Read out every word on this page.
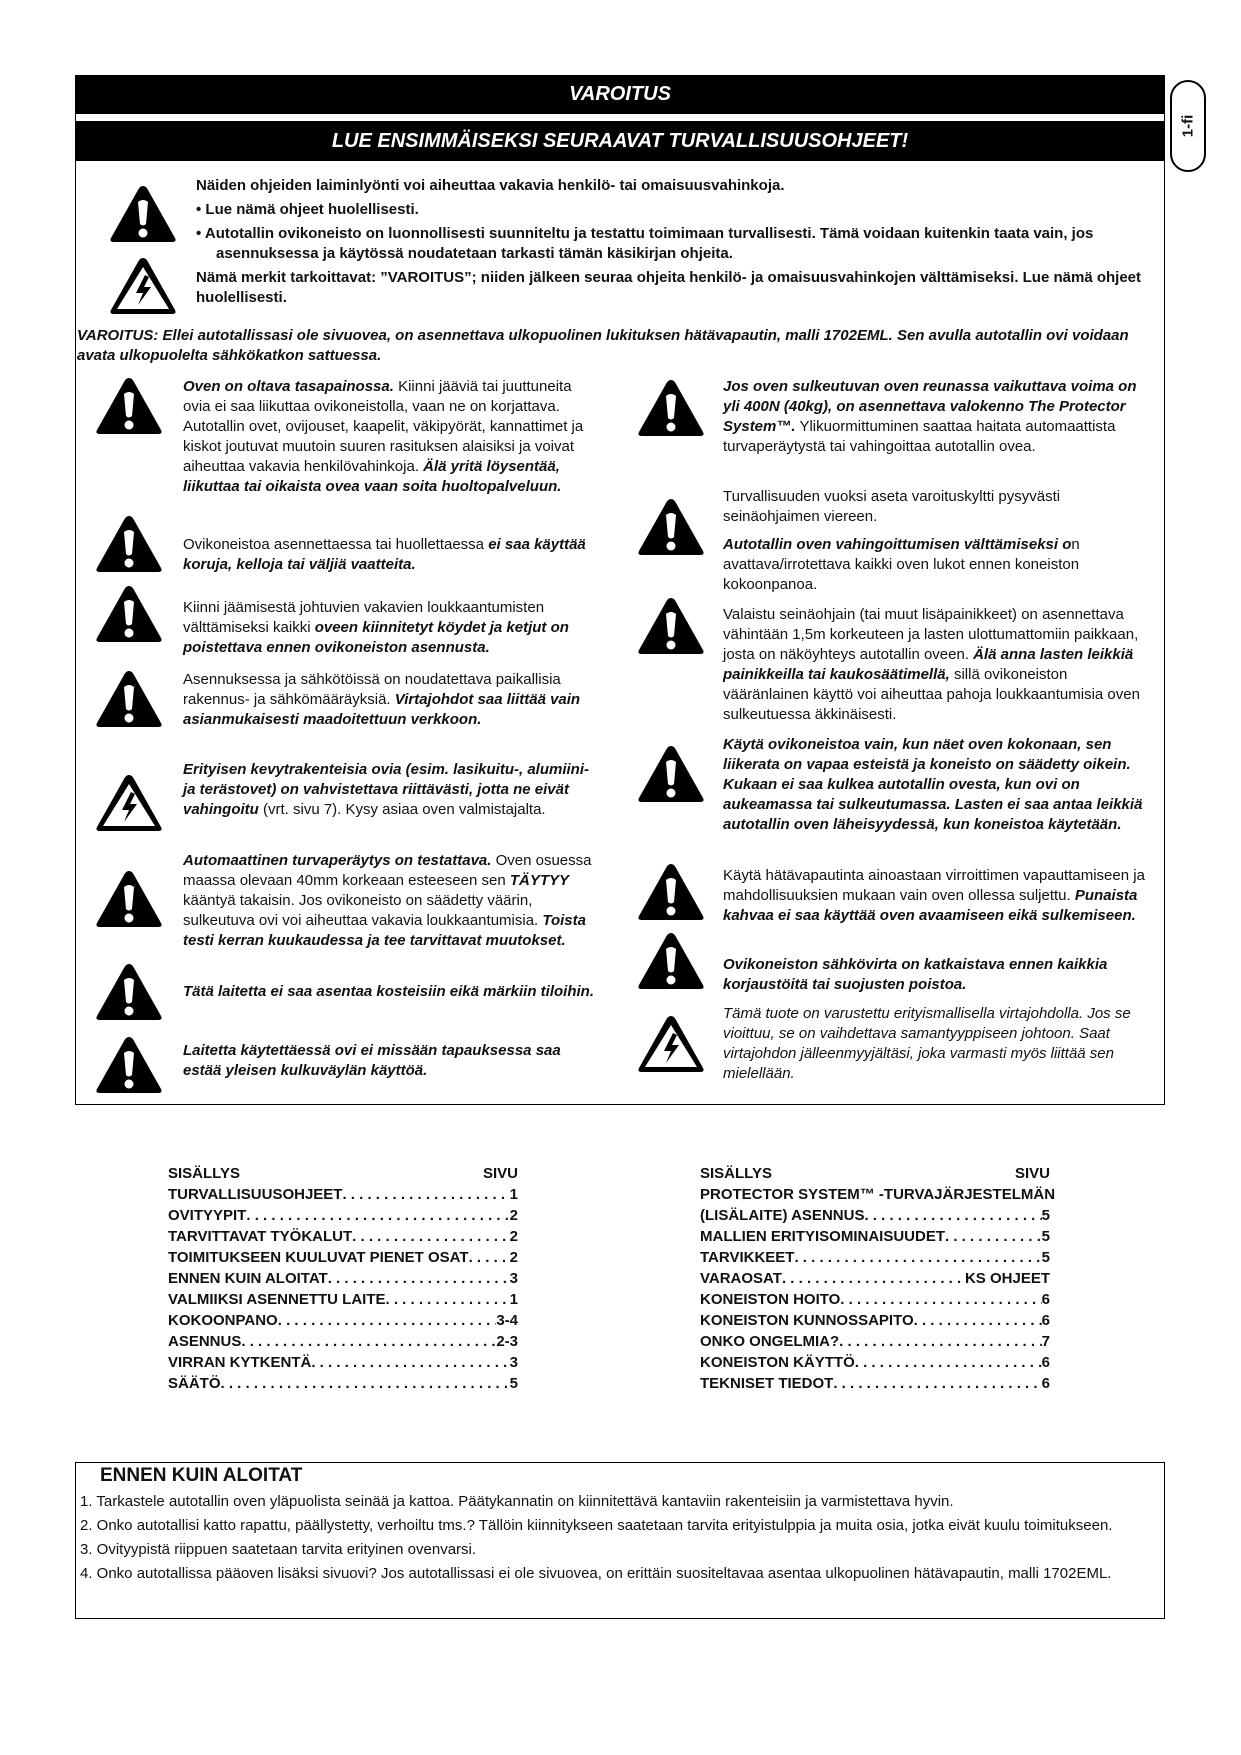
VAROITUS
LUE ENSIMMÄISEKSI SEURAAVAT TURVALLISUUSOHJEET!
1-fi

Näiden ohjeiden laiminlyönti voi aiheuttaa vakavia henkilö- tai omaisuusvahinkoja.

• Lue nämä ohjeet huolellisesti.

• Autotallin ovikoneisto on luonnollisesti suunniteltu ja testattu toimimaan turvallisesti. Tämä voidaan kuitenkin taata vain, jos asennuksessa ja käytössä noudatetaan tarkasti tämän käsikirjan ohjeita.

Nämä merkit tarkoittavat: ”VAROITUS”; niiden jälkeen seuraa ohjeita henkilö- ja omaisuusvahinkojen välttämiseksi. Lue nämä ohjeet huolellisesti.

VAROITUS: Ellei autotallissasi ole sivuovea, on asennettava ulkopuolinen lukituksen hätävapautin, malli 1702EML. Sen avulla autotallin ovi voidaan avata ulkopuolelta sähkökatkon sattuessa.

Oven on oltava tasapainossa. Kiinni jääviä tai juuttuneita ovia ei saa liikuttaa ovikoneistolla, vaan ne on korjattava. Autotallin ovet, ovijouset, kaapelit, väkipyörät, kannattimet ja kiskot joutuvat muutoin suuren rasituksen alaisiksi ja voivat aiheuttaa vakavia henkilövahinkoja. Älä yritä löysentää, liikuttaa tai oikaista ovea vaan soita huoltopalveluun.

Ovikoneistoa asennettaessa tai huollettaessa ei saa käyttää koruja, kelloja tai väljiä vaatteita.

Kiinni jäämisestä johtuvien vakavien loukkaantumisten välttämiseksi kaikki oveen kiinnitetyt köydet ja ketjut on poistettava ennen ovikoneiston asennusta.

Asennuksessa ja sähkötöissä on noudatettava paikallisia rakennus- ja sähkömääräyksiä. Virtajohdot saa liittää vain asianmukaisesti maadoitettuun verkkoon.

Erityisen kevytrakenteisia ovia (esim. lasikuitu-, alumiini- ja terästovet) on vahvistettava riittävästi, jotta ne eivät vahingoitu (vrt. sivu 7). Kysy asiaa oven valmistajalta.

Automaattinen turvaperäytys on testattava. Oven osuessa maassa olevaan 40mm korkeaan esteeseen sen TÄYTYY kääntyä takaisin. Jos ovikoneisto on säädetty väärin, sulkeutuva ovi voi aiheuttaa vakavia loukkaantumisia. Toista testi kerran kuukaudessa ja tee tarvittavat muutokset.

Tätä laitetta ei saa asentaa kosteisiin eikä märkiin tiloihin.

Laitetta käytettäessä ovi ei missään tapauksessa saa estää yleisen kulkuväylän käyttöä.

Jos oven sulkeutuvan oven reunassa vaikuttava voima on yli 400N (40kg), on asennettava valokenno The Protector System™. Ylikuormittuminen saattaa haitata automaattista turvaperäytystä tai vahingoittaa autotallin ovea.

Turvallisuuden vuoksi aseta varoituskyltti pysyvästi seinäohjaimen viereen.

Autotallin oven vahingoittumisen välttämiseksi on avattava/irrotettava kaikki oven lukot ennen koneiston kokoonpanoa.

Valaistu seinäohjain (tai muut lisäpainikkeet) on asennettava vähintään 1,5m korkeuteen ja lasten ulottumattomiin paikkaan, josta on näköyhteys autotallin oveen. Älä anna lasten leikkiä painikkeilla tai kaukosäätimellä, sillä ovikoneiston vääränlainen käyttö voi aiheuttaa pahoja loukkaantumisia oven sulkeutuessa äkkinäisesti.

Käytä ovikoneistoa vain, kun näet oven kokonaan, sen liikerata on vapaa esteistä ja koneisto on säädetty oikein. Kukaan ei saa kulkea autotallin ovesta, kun ovi on aukeamassa tai sulkeutumassa. Lasten ei saa antaa leikkiä autotallin oven läheisyydessä, kun koneistoa käytetään.

Käytä hätävapautinta ainoastaan virroittimen vapauttamiseen ja mahdollisuuksien mukaan vain oven ollessa suljettu. Punaista kahvaa ei saa käyttää oven avaamiseen eikä sulkemiseen.

Ovikoneiston sähkövirta on katkaistava ennen kaikkia korjaustöitä tai suojusten poistoa.

Tämä tuote on varustettu erityismallisella virtajohdolla. Jos se vioittuu, se on vaihdettava samantyyppiseen johtoon. Saat virtajohdon jälleenmyyjältäsi, joka varmasti myös liittää sen mielellään.

SISÄLLYS	SIVU
TURVALLISUUSOHJEET . . .	1
OVITYYPIT . . .	2
TARVITTAVAT TYÖKALUT . . .	2
TOIMITUKSEEN KUULUVAT PIENET OSAT . . .	2
ENNEN KUIN ALOITAT . . .	3
VALMIIKSI ASENNETTU LAITE . . .	1
KOKOONPANO . . .	3-4
ASENNUS . . .	2-3
VIRRAN KYTKENTÄ . . .	3
SÄÄTÖ . . .	5
SISÄLLYS	SIVU
PROTECTOR SYSTEM™ -TURVAJÄRJESTELMÄN
(LISÄLAITE) ASENNUS . . .	5
MALLIEN ERITYISOMINAISUUDET . . .	5
TARVIKKEET . . .	5
VARAOSAT . . .	KS OHJEET
KONEISTON HOITO . . .	6
KONEISTON KUNNOSSAPITO . . .	6
ONKO ONGELMIA? . . .	7
KONEISTON KÄYTTÖ . . .	6
TEKNISET TIEDOT . . .	6
ENNEN KUIN ALOITAT
1. Tarkastele autotallin oven yläpuolista seinää ja kattoa. Päätykannatin on kiinnitettävä kantaviin rakenteisiin ja varmistettava hyvin.
2. Onko autotallisi katto rapattu, päällystetty, verhoiltu tms.? Tällöin kiinnitykseen saatetaan tarvita erityistulppia ja muita osia, jotka eivät kuulu toimitukseen.
3. Ovityypistä riippuen saatetaan tarvita erityinen ovenvarsi.
4. Onko autotallissa pääoven lisäksi sivuovi? Jos autotallissasi ei ole sivuovea, on erittäin suositeltavaa asentaa ulkopuolinen hätävapautin, malli 1702EML.
